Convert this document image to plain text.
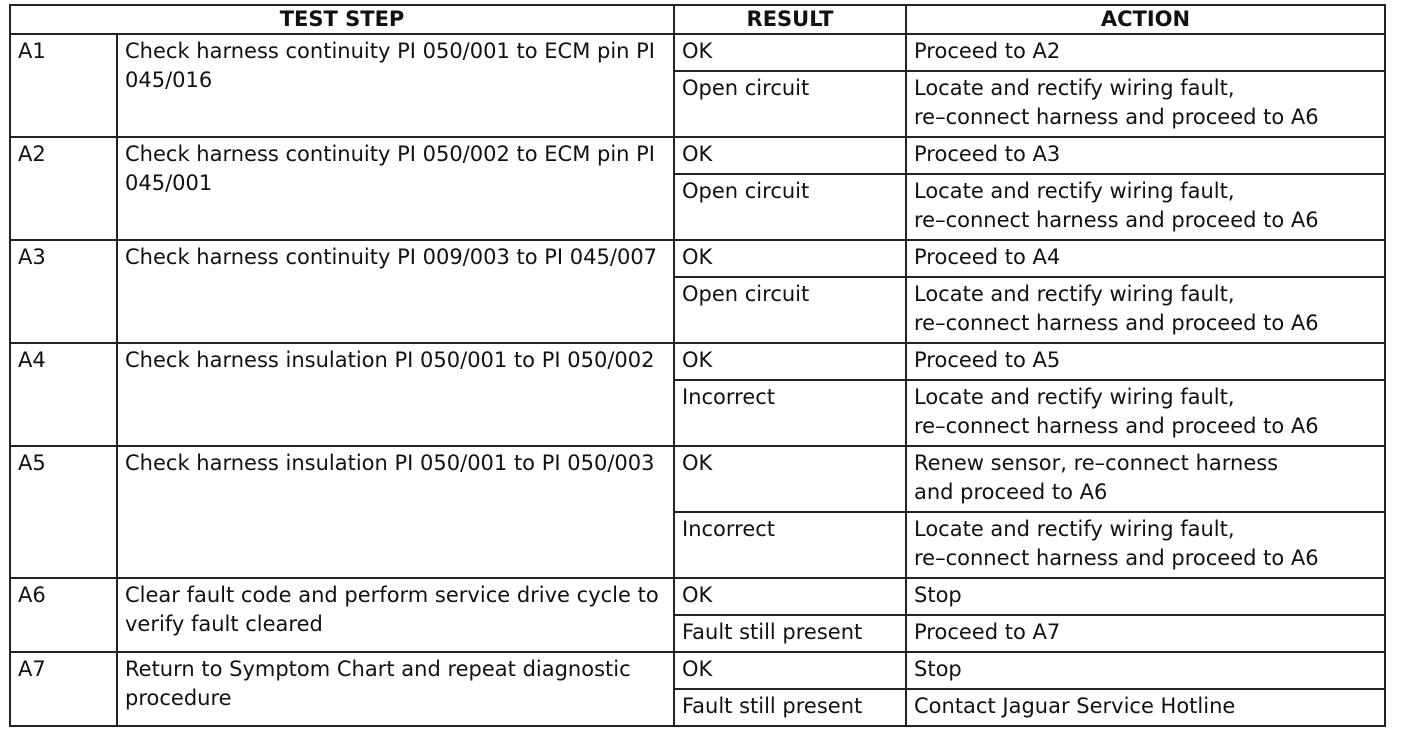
TEST STEP		RESULT	ACTION
A1	Check harness continuity PI 050/001 to ECM pin PI 045/016	OK	Proceed to A2
		Open circuit	Locate and rectify wiring fault,
re–connect harness and proceed to A6
A2	Check harness continuity PI 050/002 to ECM pin PI 045/001	OK	Proceed to A3
		Open circuit	Locate and rectify wiring fault,
re–connect harness and proceed to A6
A3	Check harness continuity PI 009/003 to PI 045/007	OK	Proceed to A4
		Open circuit	Locate and rectify wiring fault,
re–connect harness and proceed to A6
A4	Check harness insulation PI 050/001 to PI 050/002	OK	Proceed to A5
		Incorrect	Locate and rectify wiring fault,
re–connect harness and proceed to A6
A5	Check harness insulation PI 050/001 to PI 050/003	OK	Renew sensor, re–connect harness
and proceed to A6
		Incorrect	Locate and rectify wiring fault,
re–connect harness and proceed to A6
A6	Clear fault code and perform service drive cycle to verify fault cleared	OK	Stop
		Fault still present	Proceed to A7
A7	Return to Symptom Chart and repeat diagnostic procedure	OK	Stop
		Fault still present	Contact Jaguar Service Hotline
